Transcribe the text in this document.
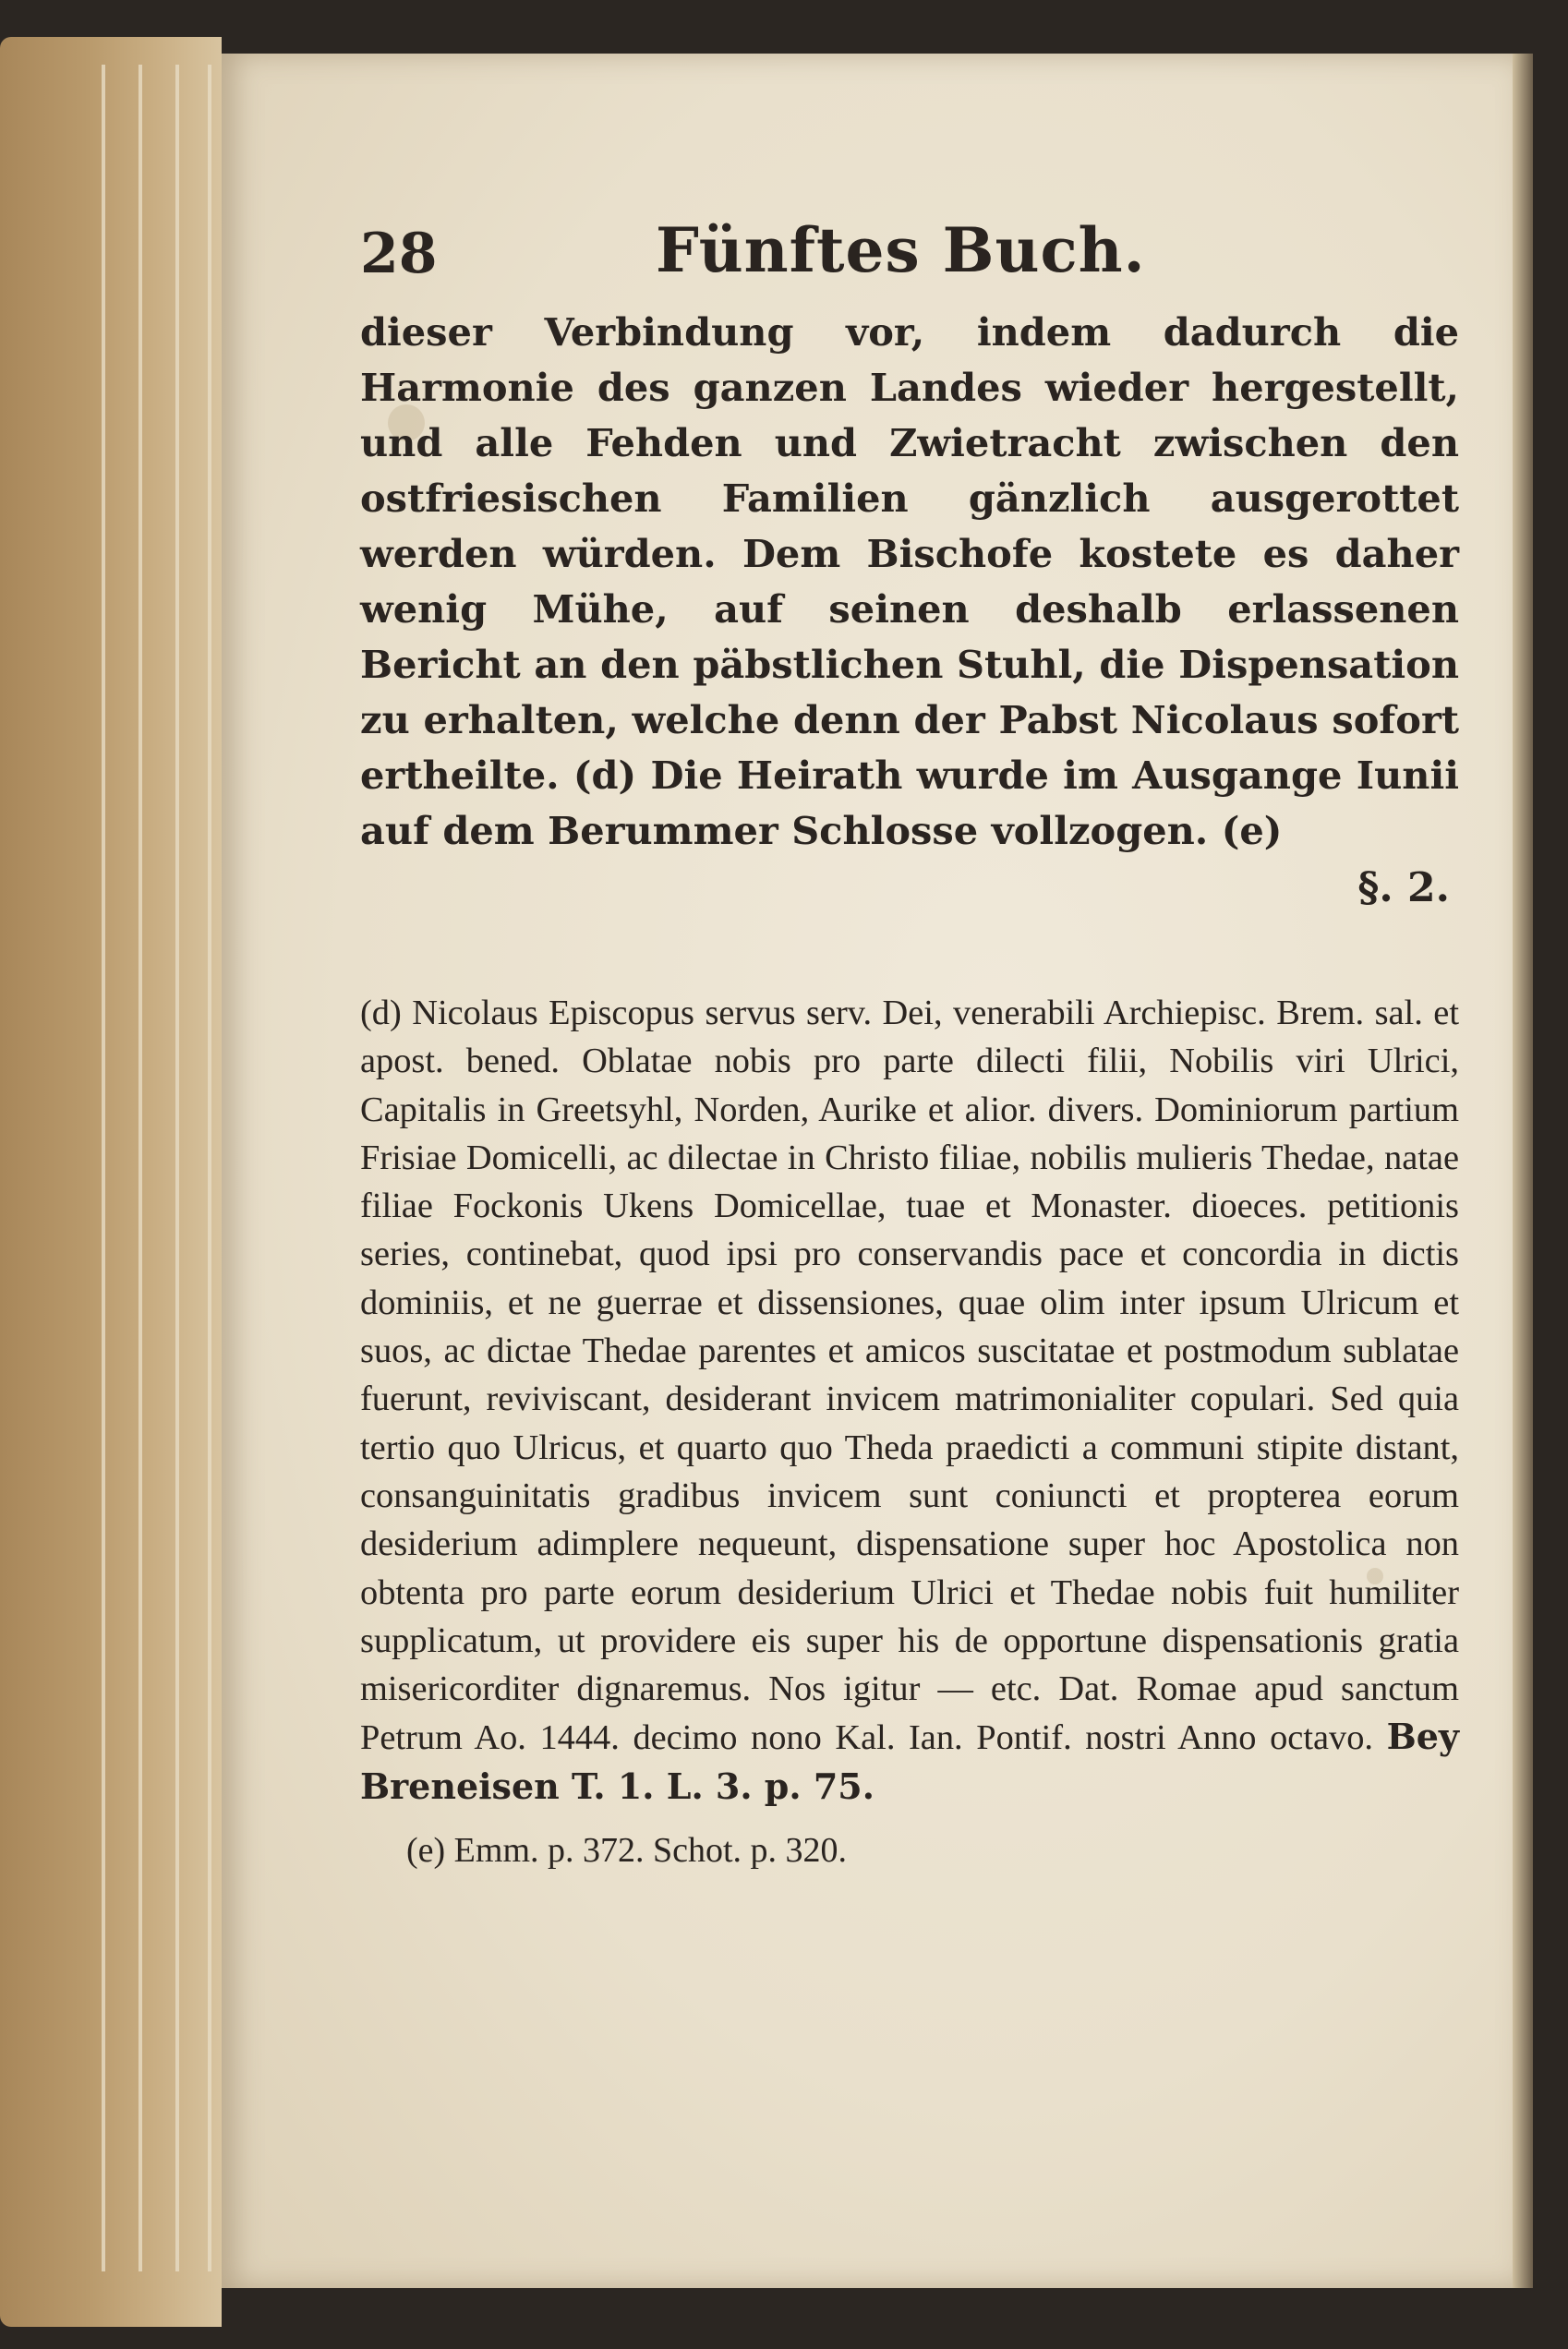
28	Fünftes Buch.

dieser Verbindung vor, indem dadurch die Harmonie des ganzen Landes wieder hergestellt, und alle Fehden und Zwietracht zwischen den ostfriesischen Familien gänzlich ausgerottet werden würden. Dem Bischofe kostete es daher wenig Mühe, auf seinen deshalb erlassenen Bericht an den päbstlichen Stuhl, die Dispensation zu erhalten, welche denn der Pabst Nicolaus sofort ertheilte. (d) Die Heirath wurde im Ausgange Iunii auf dem Berummer Schlosse vollzogen. (e)

§. 2.

(d) Nicolaus Episcopus servus serv. Dei, venerabili Archiepisc. Brem. sal. et apost. bened. Oblatae nobis pro parte dilecti filii, Nobilis viri Ulrici, Capitalis in Greetsyhl, Norden, Aurike et alior. divers. Dominiorum partium Frisiae Domicelli, ac dilectae in Christo filiae, nobilis mulieris Thedae, natae filiae Fockonis Ukens Domicellae, tuae et Monaster. dioeces. petitionis series, continebat, quod ipsi pro conservandis pace et concordia in dictis dominiis, et ne guerrae et dissensiones, quae olim inter ipsum Ulricum et suos, ac dictae Thedae parentes et amicos suscitatae et postmodum sublatae fuerunt, reviviscant, desiderant invicem matrimonialiter copulari. Sed quia tertio quo Ulricus, et quarto quo Theda praedicti a communi stipite distant, consanguinitatis gradibus invicem sunt coniuncti et propterea eorum desiderium adimplere nequeunt, dispensatione super hoc Apostolica non obtenta pro parte eorum desiderium Ulrici et Thedae nobis fuit humiliter supplicatum, ut providere eis super his de opportune dispensationis gratia misericorditer dignaremus. Nos igitur — etc. Dat. Romae apud sanctum Petrum Ao. 1444. decimo nono Kal. Ian. Pontif. nostri Anno octavo. Bey Breneisen T. 1. L. 3. p. 75.

(e) Emm. p. 372. Schot. p. 320.
